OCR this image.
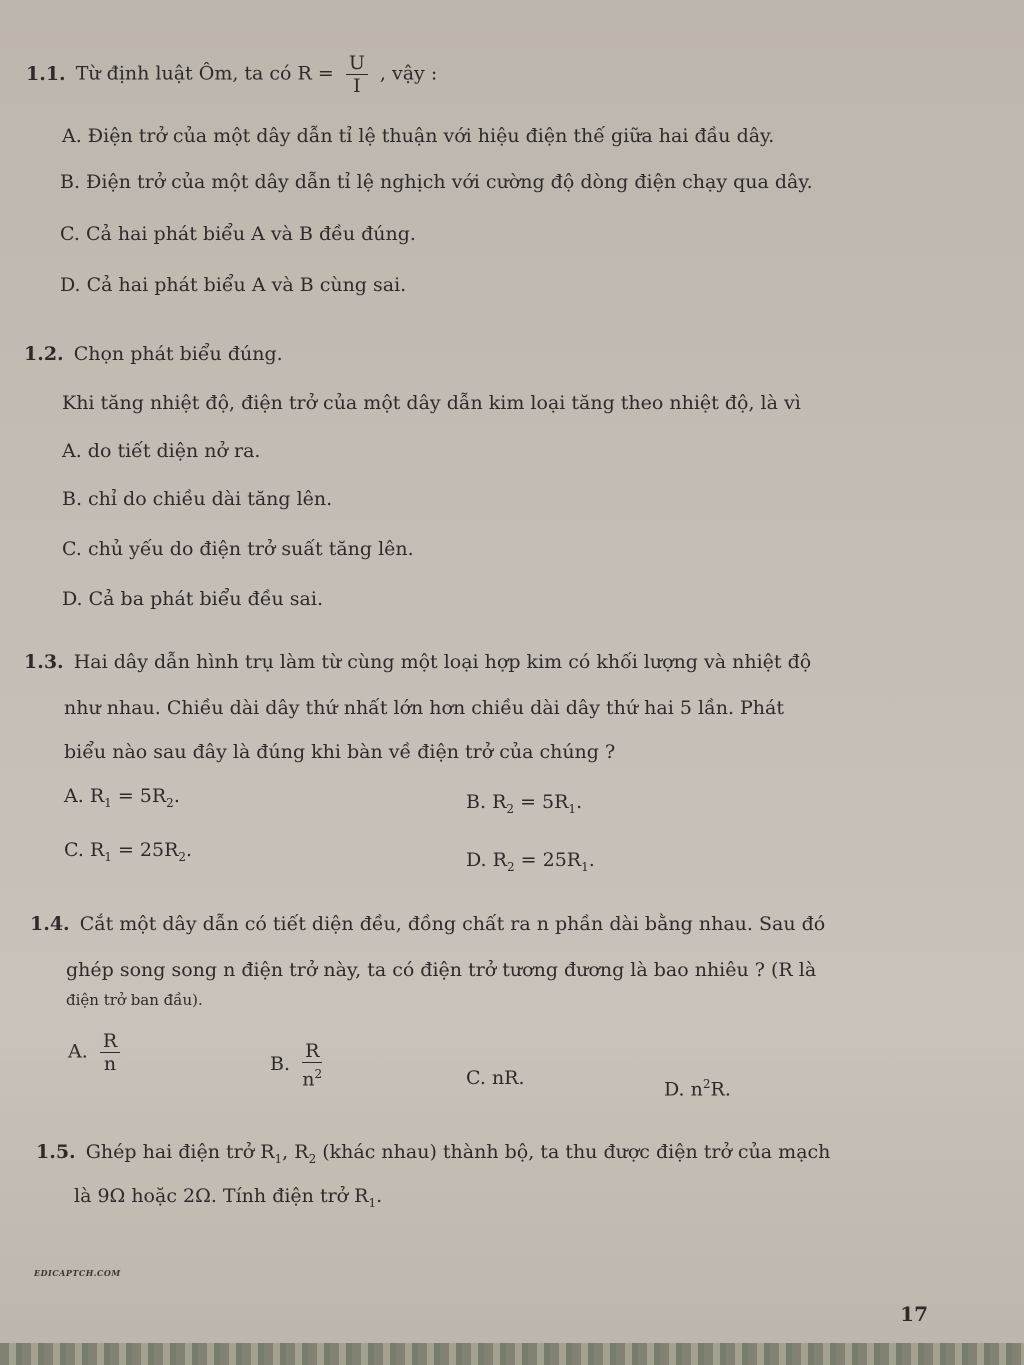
1.1. Từ định luật Ôm, ta có $R = \frac{U}{I}$ , vậy :
A. Điện trở của một dây dẫn tỉ lệ thuận với hiệu điện thế giữa hai đầu dây.
B. Điện trở của một dây dẫn tỉ lệ nghịch với cường độ dòng điện chạy qua dây.
C. Cả hai phát biểu A và B đều đúng.
D. Cả hai phát biểu A và B cùng sai.
1.2. Chọn phát biểu đúng.
Khi tăng nhiệt độ, điện trở của một dây dẫn kim loại tăng theo nhiệt độ, là vì
A. do tiết diện nở ra.
B. chỉ do chiều dài tăng lên.
C. chủ yếu do điện trở suất tăng lên.
D. Cả ba phát biểu đều sai.
1.3. Hai dây dẫn hình trụ làm từ cùng một loại hợp kim có khối lượng và nhiệt độ
như nhau. Chiều dài dây thứ nhất lớn hơn chiều dài dây thứ hai 5 lần. Phát
biểu nào sau đây là đúng khi bàn về điện trở của chúng ?
A. $R_1 = 5R_2$.	B. $R_2 = 5R_1$.
C. $R_1 = 25R_2$.	D. $R_2 = 25R_1$.
1.4. Cắt một dây dẫn có tiết diện đều, đồng chất ra n phần dài bằng nhau. Sau đó
ghép song song n điện trở này, ta có điện trở tương đương là bao nhiêu ? (R là
điện trở ban đầu).
A. $\frac{R}{n}$	B. $\frac{R}{n^2}$	C. nR.
D. $n^2R$.
1.5. Ghép hai điện trở $R_1$, $R_2$ (khác nhau) thành bộ, ta thu được điện trở của mạch
là 9Ω hoặc 2Ω. Tính điện trở $R_1$.
EDICAPTCH.COM
17
